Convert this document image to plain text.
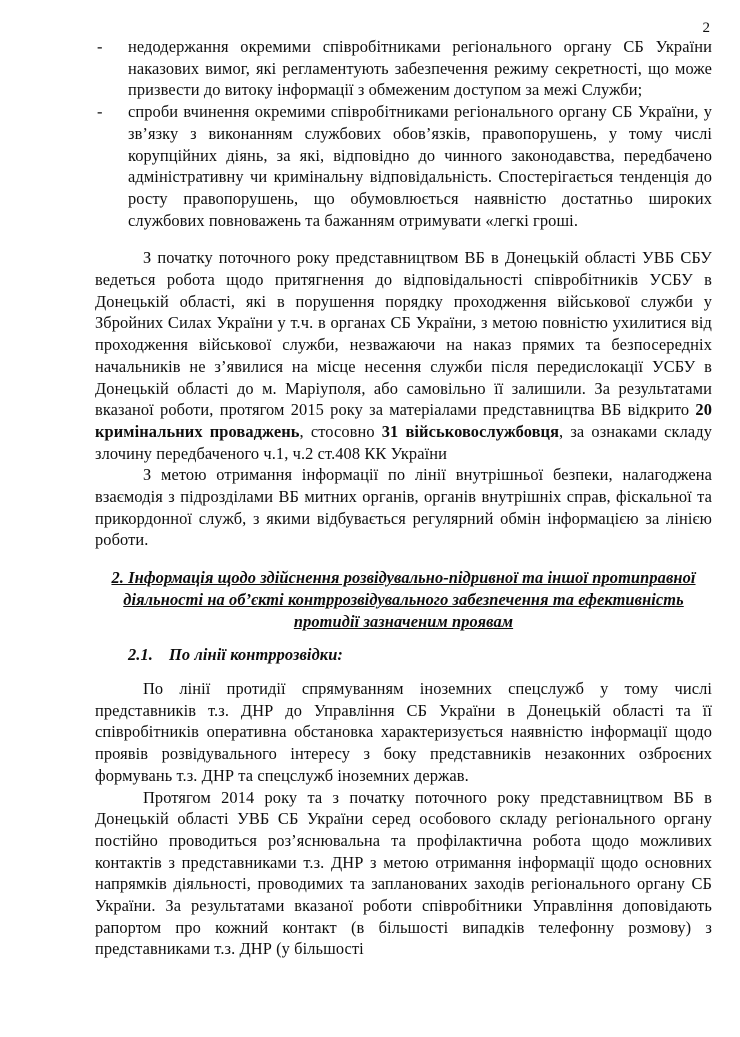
2
- недодержання окремими співробітниками регіонального органу СБ України наказових вимог, які регламентують забезпечення режиму секретності, що може призвести до витоку інформації з обмеженим доступом за межі Служби;
- спроби вчинення окремими співробітниками регіонального органу СБ України, у зв’язку з виконанням службових обов’язків, правопорушень, у тому числі корупційних діянь, за які, відповідно до чинного законодавства, передбачено адміністративну чи кримінальну відповідальність. Спостерігається тенденція до росту правопорушень, що обумовлюється наявністю достатньо широких службових повноважень та бажанням отримувати «легкі гроші.

З початку поточного року представництвом ВБ в Донецькій області УВБ СБУ ведеться робота щодо притягнення до відповідальності співробітників УСБУ в Донецькій області, які в порушення порядку проходження військової служби у Збройних Силах України у т.ч. в органах СБ України, з метою повністю ухилитися від проходження військової служби, незважаючи на наказ прямих та безпосередніх начальників не з’явилися на місце несення служби після передислокації УСБУ в Донецькій області до м. Маріуполя, або самовільно її залишили. За результатами вказаної роботи, протягом 2015 року за матеріалами представництва ВБ відкрито 20 кримінальних проваджень, стосовно 31 військовослужбовця, за ознаками складу злочину передбаченого ч.1, ч.2 ст.408 КК України

З метою отримання інформації по лінії внутрішньої безпеки, налагоджена взаємодія з підрозділами ВБ митних органів, органів внутрішніх справ, фіскальної та прикордонної служб, з якими відбувається регулярний обмін інформацією за лінією роботи.

2. Інформація щодо здійснення розвідувально-підривної та іншої протиправної діяльності на об’єкті контррозвідувального забезпечення та ефективність протидії зазначеним проявам

2.1. По лінії контррозвідки:

По лінії протидії спрямуванням іноземних спецслужб у тому числі представників т.з. ДНР до Управління СБ України в Донецькій області та її співробітників оперативна обстановка характеризується наявністю інформації щодо проявів розвідувального інтересу з боку представників незаконних озброєних формувань т.з. ДНР та спецслужб іноземних держав.

Протягом 2014 року та з початку поточного року представництвом ВБ в Донецькій області УВБ СБ України серед особового складу регіонального органу постійно проводиться роз’яснювальна та профілактична робота щодо можливих контактів з представниками т.з. ДНР з метою отримання інформації щодо основних напрямків діяльності, проводимих та запланованих заходів регіонального органу СБ України. За результатами вказаної роботи співробітники Управління доповідають рапортом про кожний контакт (в більшості випадків телефонну розмову) з представниками т.з. ДНР (у більшості
